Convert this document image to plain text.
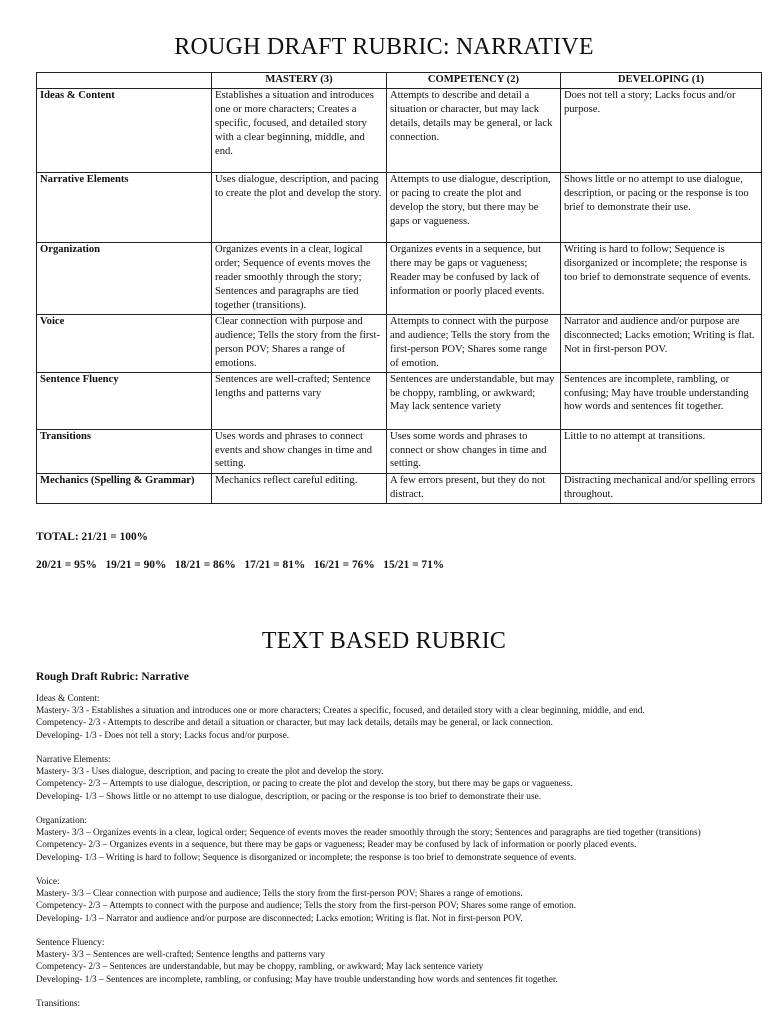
ROUGH DRAFT RUBRIC: NARRATIVE
	MASTERY (3)	COMPETENCY (2)	DEVELOPING (1)
Ideas & Content	Establishes a situation and introduces one or more characters; Creates a specific, focused, and detailed story with a clear beginning, middle, and end.	Attempts to describe and detail a situation or character, but may lack details, details may be general, or lack connection.	Does not tell a story; Lacks focus and/or purpose.
Narrative Elements	Uses dialogue, description, and pacing to create the plot and develop the story.	Attempts to use dialogue, description, or pacing to create the plot and develop the story, but there may be gaps or vagueness.	Shows little or no attempt to use dialogue, description, or pacing or the response is too brief to demonstrate their use.
Organization	Organizes events in a clear, logical order; Sequence of events moves the reader smoothly through the story; Sentences and paragraphs are tied together (transitions).	Organizes events in a sequence, but there may be gaps or vagueness; Reader may be confused by lack of information or poorly placed events.	Writing is hard to follow; Sequence is disorganized or incomplete; the response is too brief to demonstrate sequence of events.
Voice	Clear connection with purpose and audience; Tells the story from the first-person POV; Shares a range of emotions.	Attempts to connect with the purpose and audience; Tells the story from the first-person POV; Shares some range of emotion.	Narrator and audience and/or purpose are disconnected; Lacks emotion; Writing is flat. Not in first-person POV.
Sentence Fluency	Sentences are well-crafted; Sentence lengths and patterns vary	Sentences are understandable, but may be choppy, rambling, or awkward; May lack sentence variety	Sentences are incomplete, rambling, or confusing; May have trouble understanding how words and sentences fit together.
Transitions	Uses words and phrases to connect events and show changes in time and setting.	Uses some words and phrases to connect or show changes in time and setting.	Little to no attempt at transitions.
Mechanics (Spelling & Grammar)	Mechanics reflect careful editing.	A few errors present, but they do not distract.	Distracting mechanical and/or spelling errors throughout.
TOTAL: 21/21 = 100%
20/21 = 95%   19/21 = 90%   18/21 = 86%   17/21 = 81%   16/21 = 76%   15/21 = 71%
TEXT BASED RUBRIC
Rough Draft Rubric: Narrative

Ideas & Content:

Mastery- 3/3 - Establishes a situation and introduces one or more characters; Creates a specific, focused, and detailed story with a clear beginning, middle, and end.

Competency- 2/3 - Attempts to describe and detail a situation or character, but may lack details, details may be general, or lack connection.

Developing- 1/3 - Does not tell a story; Lacks focus and/or purpose.

Narrative Elements:

Mastery- 3/3 - Uses dialogue, description, and pacing to create the plot and develop the story.

Competency- 2/3 – Attempts to use dialogue, description, or pacing to create the plot and develop the story, but there may be gaps or vagueness.

Developing- 1/3 – Shows little or no attempt to use dialogue, description, or pacing or the response is too brief to demonstrate their use.

Organization:

Mastery- 3/3 – Organizes events in a clear, logical order; Sequence of events moves the reader smoothly through the story; Sentences and paragraphs are tied together (transitions)

Competency- 2/3 – Organizes events in a sequence, but there may be gaps or vagueness; Reader may be confused by lack of information or poorly placed events.

Developing- 1/3 – Writing is hard to follow; Sequence is disorganized or incomplete; the response is too brief to demonstrate sequence of events.

Voice:

Mastery- 3/3 – Clear connection with purpose and audience; Tells the story from the first-person POV; Shares a range of emotions.

Competency- 2/3 – Attempts to connect with the purpose and audience; Tells the story from the first-person POV; Shares some range of emotion.

Developing- 1/3 – Narrator and audience and/or purpose are disconnected; Lacks emotion; Writing is flat. Not in first-person POV.

Sentence Fluency:

Mastery- 3/3 – Sentences are well-crafted; Sentence lengths and patterns vary

Competency- 2/3 – Sentences are understandable, but may be choppy, rambling, or awkward; May lack sentence variety

Developing- 1/3 – Sentences are incomplete, rambling, or confusing; May have trouble understanding how words and sentences fit together.

Transitions:
